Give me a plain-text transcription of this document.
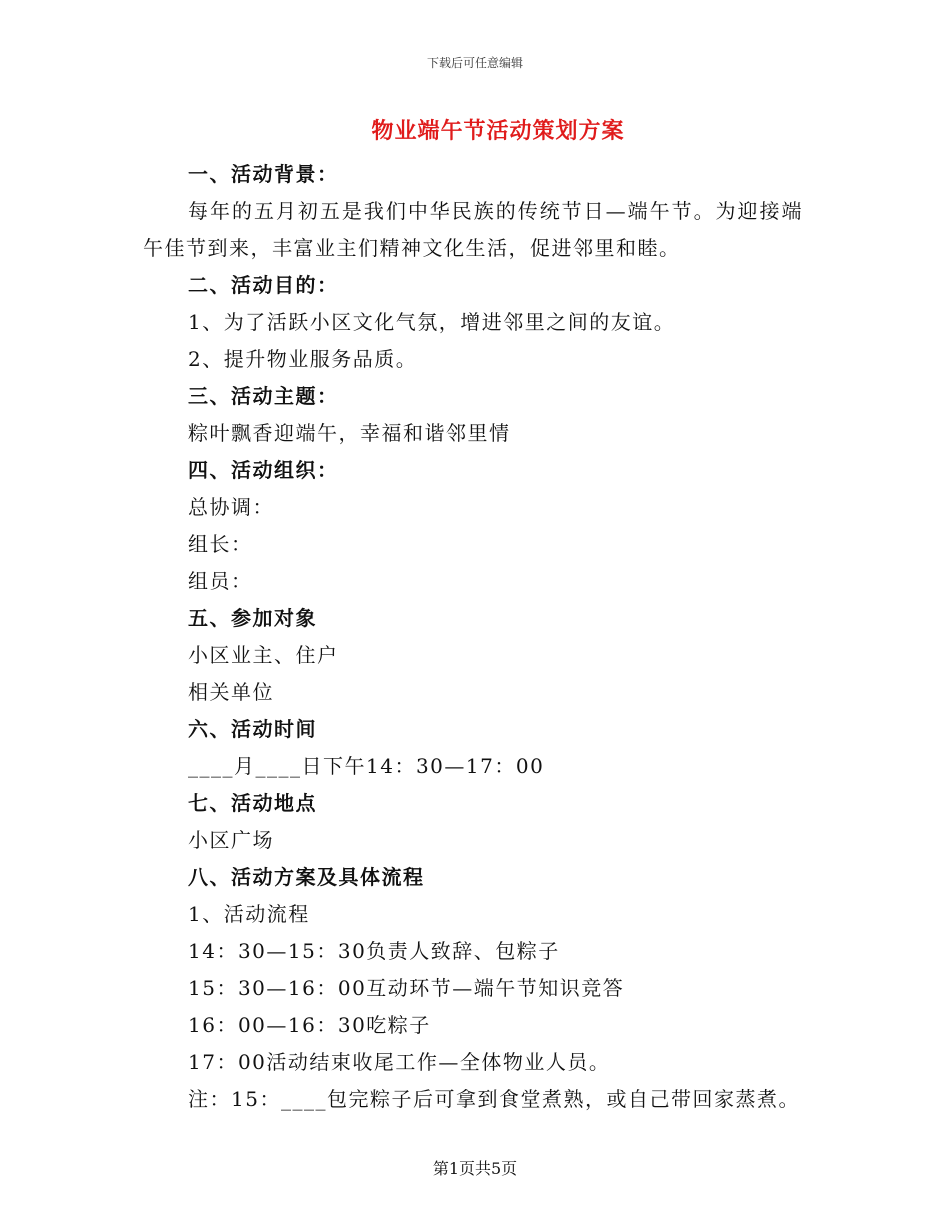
下载后可任意编辑
物业端午节活动策划方案
一、活动背景：
每年的五月初五是我们中华民族的传统节日—端午节。为迎接端午佳节到来，丰富业主们精神文化生活，促进邻里和睦。
二、活动目的：
1、为了活跃小区文化气氛，增进邻里之间的友谊。
2、提升物业服务品质。
三、活动主题：
粽叶飘香迎端午，幸福和谐邻里情
四、活动组织：
总协调：
组长：
组员：
五、参加对象
小区业主、住户
相关单位
六、活动时间
____月____日下午14：30—17：00
七、活动地点
小区广场
八、活动方案及具体流程
1、活动流程
14：30—15：30负责人致辞、包粽子
15：30—16：00互动环节—端午节知识竞答
16：00—16：30吃粽子
17：00活动结束收尾工作—全体物业人员。
注：15：____包完粽子后可拿到食堂煮熟，或自己带回家蒸煮。
第1页共5页
